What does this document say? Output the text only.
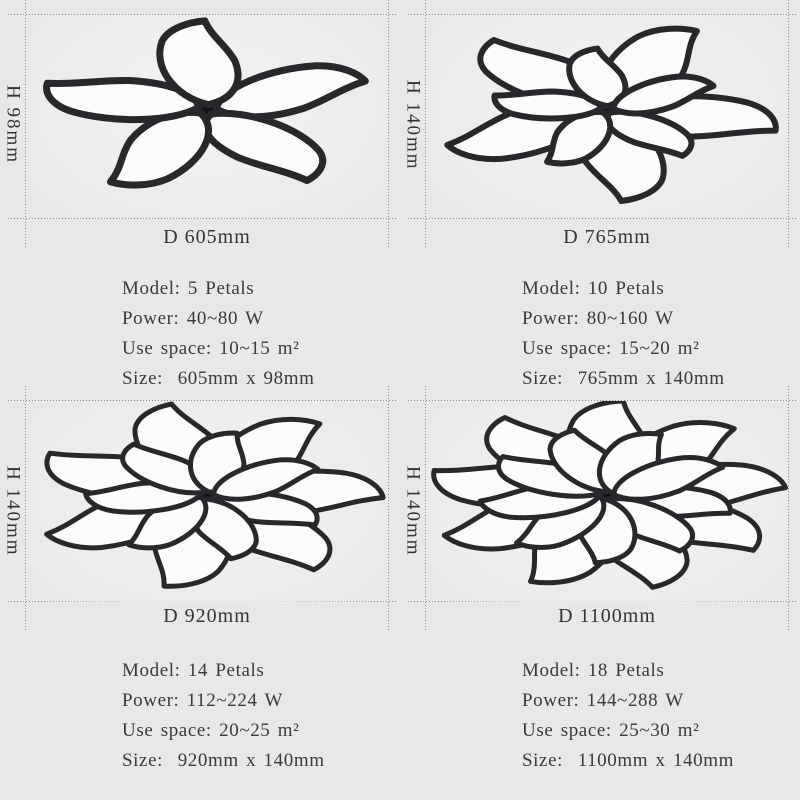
H 98mm
D 605mm
Model: 5 Petals
Power: 40~80 W
Use space: 10~15 m²
Size:  605mm x 98mm
H 140mm
D 765mm
Model: 10 Petals
Power: 80~160 W
Use space: 15~20 m²
Size:  765mm x 140mm
H 140mm
D 920mm
Model: 14 Petals
Power: 112~224 W
Use space: 20~25 m²
Size:  920mm x 140mm
H 140mm
D 1100mm
Model: 18 Petals
Power: 144~288 W
Use space: 25~30 m²
Size:  1100mm x 140mm
